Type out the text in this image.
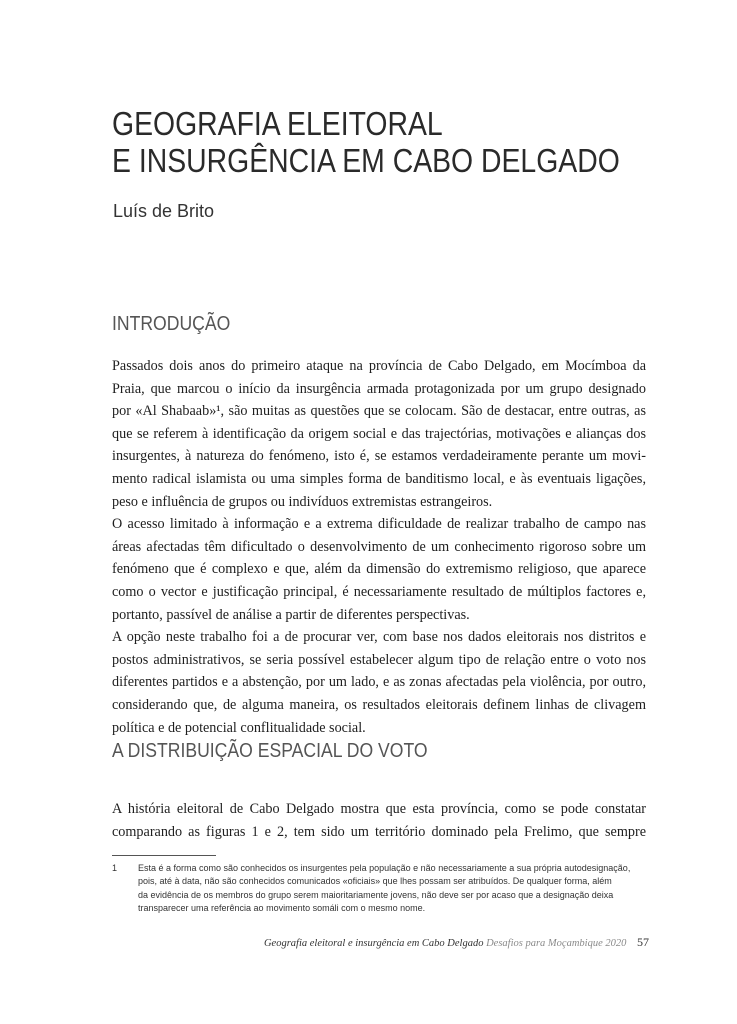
GEOGRAFIA ELEITORAL
E INSURGÊNCIA EM CABO DELGADO
Luís de Brito
INTRODUÇÃO
Passados dois anos do primeiro ataque na província de Cabo Delgado, em Mocímboa da
Praia, que marcou o início da insurgência armada protagonizada por um grupo designado
por «Al Shabaab»¹, são muitas as questões que se colocam. São de destacar, entre outras, as
que se referem à identificação da origem social e das trajectórias, motivações e alianças dos
insurgentes, à natureza do fenómeno, isto é, se estamos verdadeiramente perante um movi-
mento radical islamista ou uma simples forma de banditismo local, e às eventuais ligações,
peso e influência de grupos ou indivíduos extremistas estrangeiros.
O acesso limitado à informação e a extrema dificuldade de realizar trabalho de campo nas
áreas afectadas têm dificultado o desenvolvimento de um conhecimento rigoroso sobre um
fenómeno que é complexo e que, além da dimensão do extremismo religioso, que aparece
como o vector e justificação principal, é necessariamente resultado de múltiplos factores e,
portanto, passível de análise a partir de diferentes perspectivas.
A opção neste trabalho foi a de procurar ver, com base nos dados eleitorais nos distritos e
postos administrativos, se seria possível estabelecer algum tipo de relação entre o voto nos
diferentes partidos e a abstenção, por um lado, e as zonas afectadas pela violência, por outro,
considerando que, de alguma maneira, os resultados eleitorais definem linhas de clivagem
política e de potencial conflitualidade social.
A DISTRIBUIÇÃO ESPACIAL DO VOTO
A história eleitoral de Cabo Delgado mostra que esta província, como se pode constatar
comparando as figuras 1 e 2, tem sido um território dominado pela Frelimo, que sempre
1 Esta é a forma como são conhecidos os insurgentes pela população e não necessariamente a sua própria autodesignação,
pois, até à data, não são conhecidos comunicados «oficiais» que lhes possam ser atribuídos. De qualquer forma, além
da evidência de os membros do grupo serem maioritariamente jovens, não deve ser por acaso que a designação deixa
transparecer uma referência ao movimento somáli com o mesmo nome.
Geografia eleitoral e insurgência em Cabo Delgado Desafios para Moçambique 2020 57
